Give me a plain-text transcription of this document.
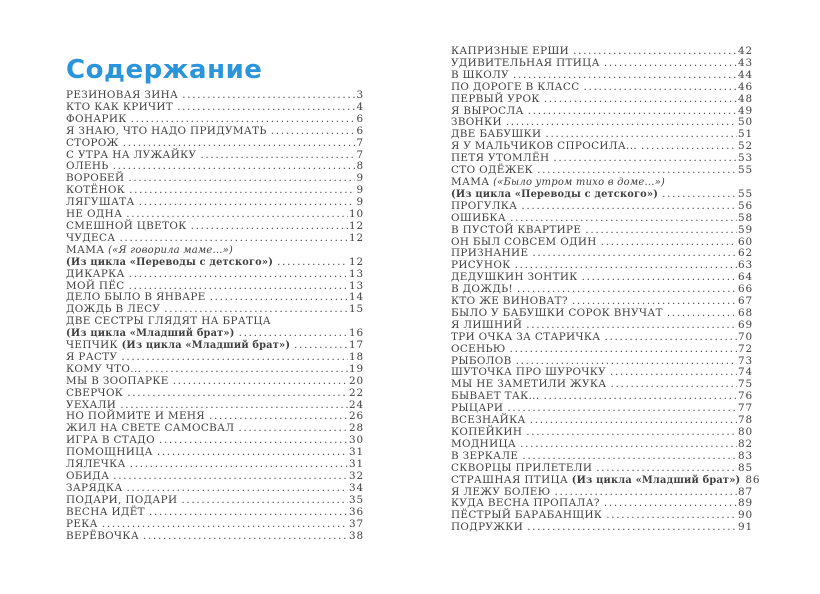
Содержание
РЕЗИНОВАЯ ЗИНА .....	3
КТО КАК КРИЧИТ .....	4
ФОНАРИК .....	6
Я ЗНАЮ, ЧТО НАДО ПРИДУМАТЬ .....	6
СТОРОЖ .....	7
С УТРА НА ЛУЖАЙКУ .....	7
ОЛЕНЬ .....	8
ВОРОБЕЙ .....	9
КОТЁНОК .....	9
ЛЯГУШАТА .....	9
НЕ ОДНА .....	10
СМЕШНОЙ ЦВЕТОК .....	12
ЧУДЕСА .....	12
МАМА («Я говорила маме...»)
(Из цикла «Переводы с детского») .....	12
ДИКАРКА .....	13
МОЙ ПЁС .....	13
ДЕЛО БЫЛО В ЯНВАРЕ .....	14
ДОЖДЬ В ЛЕСУ .....	15
ДВЕ СЕСТРЫ ГЛЯДЯТ НА БРАТЦА
(Из цикла «Младший брат») .....	16
ЧЕПЧИК (Из цикла «Младший брат») .....	17
Я РАСТУ .....	18
КОМУ ЧТО... .....	19
МЫ В ЗООПАРКЕ .....	20
СВЕРЧОК .....	22
УЕХАЛИ .....	24
НО ПОЙМИТЕ И МЕНЯ .....	26
ЖИЛ НА СВЕТЕ САМОСВАЛ .....	28
ИГРА В СТАДО .....	30
ПОМОЩНИЦА .....	31
ЛЯЛЕЧКА .....	31
ОБИДА .....	32
ЗАРЯДКА .....	34
ПОДАРИ, ПОДАРИ .....	35
ВЕСНА ИДЁТ .....	36
РЕКА .....	37
ВЕРЁВОЧКА .....	38
КАПРИЗНЫЕ ЕРШИ .....	42
УДИВИТЕЛЬНАЯ ПТИЦА .....	43
В ШКОЛУ .....	44
ПО ДОРОГЕ В КЛАСС .....	46
ПЕРВЫЙ УРОК .....	48
Я ВЫРОСЛА .....	49
ЗВОНКИ .....	50
ДВЕ БАБУШКИ .....	51
Я У МАЛЬЧИКОВ СПРОСИЛА... .....	52
ПЕТЯ УТОМЛЁН .....	53
СТО ОДЁЖЕК .....	55
МАМА («Было утром тихо в доме...»)
(Из цикла «Переводы с детского») .....	55
ПРОГУЛКА .....	56
ОШИБКА .....	58
В ПУСТОЙ КВАРТИРЕ .....	59
ОН БЫЛ СОВСЕМ ОДИН .....	60
ПРИЗНАНИЕ .....	62
РИСУНОК .....	63
ДЕДУШКИН ЗОНТИК .....	64
В ДОЖДЬ! .....	66
КТО ЖЕ ВИНОВАТ? .....	67
БЫЛО У БАБУШКИ СОРОК ВНУЧАТ .....	68
Я ЛИШНИЙ .....	69
ТРИ ОЧКА ЗА СТАРИЧКА .....	70
ОСЕНЬЮ .....	72
РЫБОЛОВ .....	73
ШУТОЧКА ПРО ШУРОЧКУ .....	74
МЫ НЕ ЗАМЕТИЛИ ЖУКА .....	75
БЫВАЕТ ТАК... .....	76
РЫЦАРИ .....	77
ВСЕЗНАЙКА .....	78
КОПЕЙКИН .....	80
МОДНИЦА .....	82
В ЗЕРКАЛЕ .....	83
СКВОРЦЫ ПРИЛЕТЕЛИ .....	85
СТРАШНАЯ ПТИЦА (Из цикла «Младший брат») 86
Я ЛЕЖУ БОЛЕЮ .....	87
КУДА ВЕСНА ПРОПАЛА? .....	89
ПЁСТРЫЙ БАРАБАНЩИК .....	90
ПОДРУЖКИ .....	91
